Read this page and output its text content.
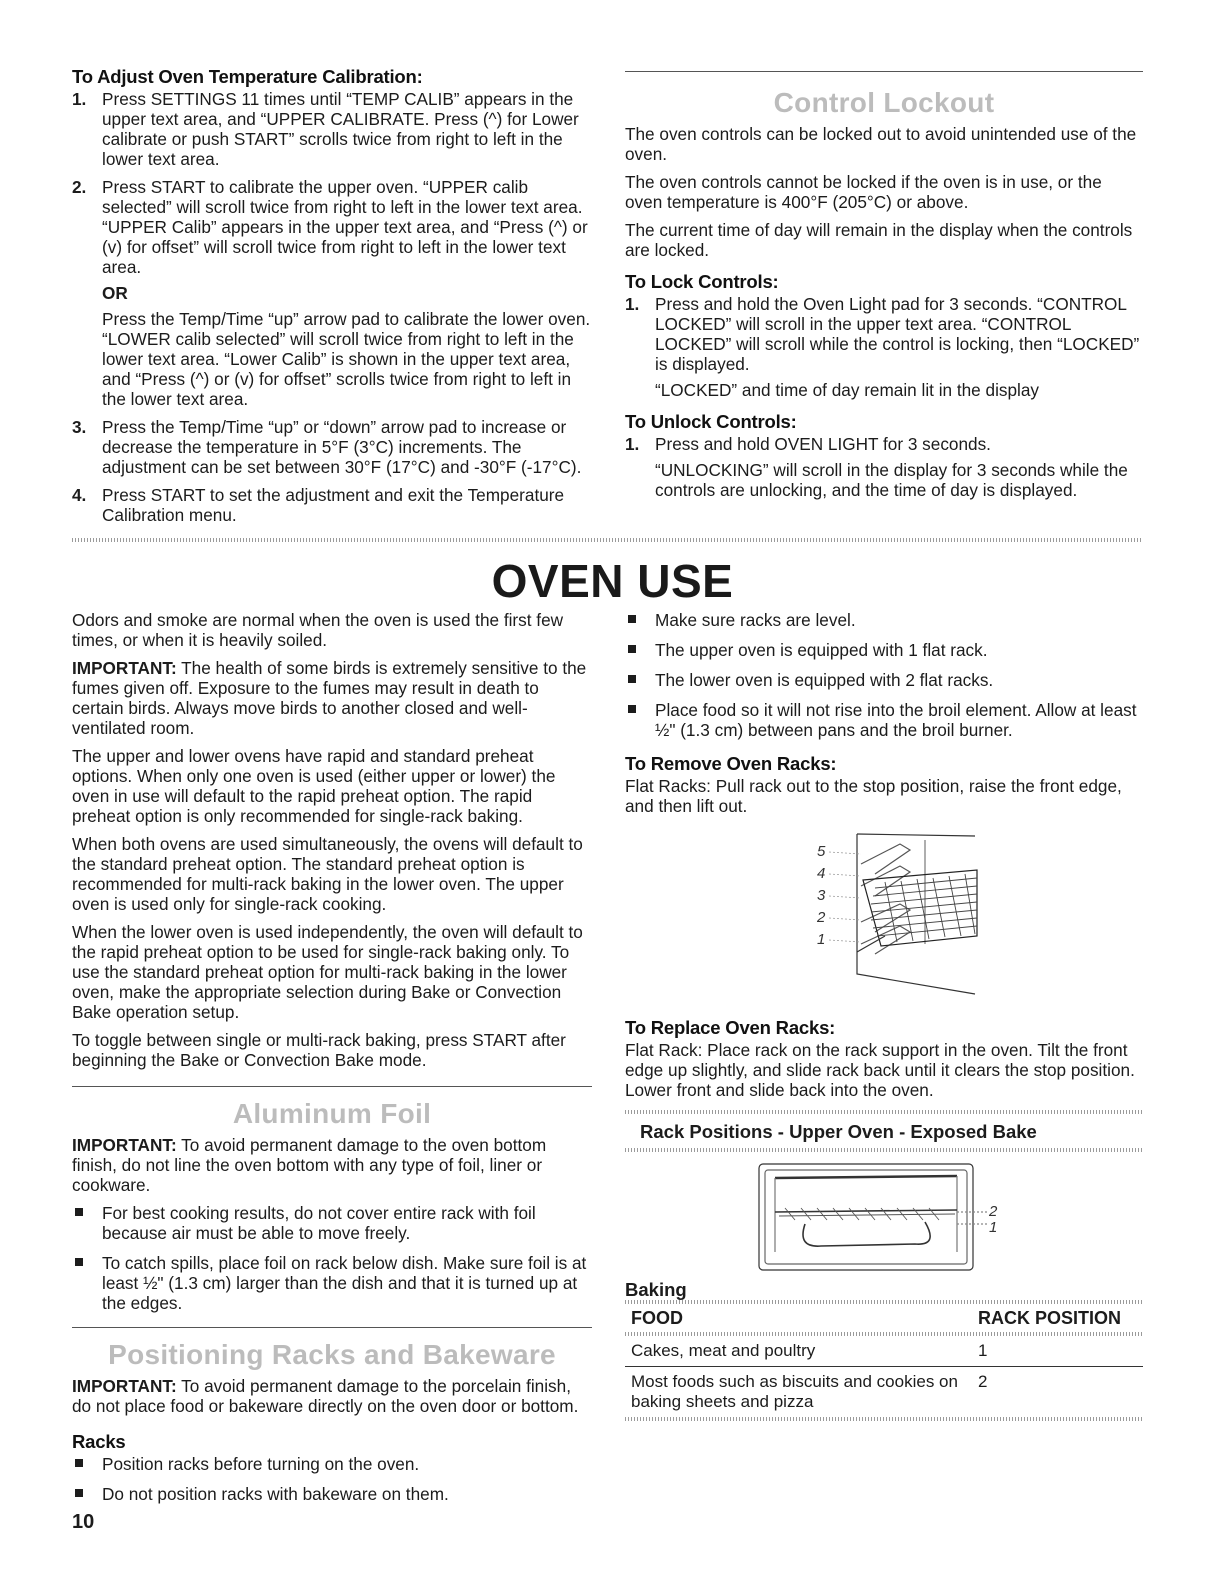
To Adjust Oven Temperature Calibration:
1. Press SETTINGS 11 times until “TEMP CALIB” appears in the upper text area, and “UPPER CALIBRATE. Press (^) for Lower calibrate or push START” scrolls twice from right to left in the lower text area.

2. Press START to calibrate the upper oven. “UPPER calib selected” will scroll twice from right to left in the lower text area. “UPPER Calib” appears in the upper text area, and “Press (^) or (v) for offset” will scroll twice from right to left in the lower text area.

OR

Press the Temp/Time “up” arrow pad to calibrate the lower oven. “LOWER calib selected” will scroll twice from right to left in the lower text area. “Lower Calib” is shown in the upper text area, and “Press (^) or (v) for offset” scrolls twice from right to left in the lower text area.

3. Press the Temp/Time “up” or “down” arrow pad to increase or decrease the temperature in 5°F (3°C) increments. The adjustment can be set between 30°F (17°C) and -30°F (-17°C).

4. Press START to set the adjustment and exit the Temperature Calibration menu.

Control Lockout

The oven controls can be locked out to avoid unintended use of the oven.

The oven controls cannot be locked if the oven is in use, or the oven temperature is 400°F (205°C) or above.

The current time of day will remain in the display when the controls are locked.

To Lock Controls:
1. Press and hold the Oven Light pad for 3 seconds. “CONTROL LOCKED” will scroll in the upper text area. “CONTROL LOCKED” will scroll while the control is locking, then “LOCKED” is displayed.

“LOCKED” and time of day remain lit in the display

To Unlock Controls:
1. Press and hold OVEN LIGHT for 3 seconds.

“UNLOCKING” will scroll in the display for 3 seconds while the controls are unlocking, and the time of day is displayed.

OVEN USE

Odors and smoke are normal when the oven is used the first few times, or when it is heavily soiled.

IMPORTANT: The health of some birds is extremely sensitive to the fumes given off. Exposure to the fumes may result in death to certain birds. Always move birds to another closed and well-ventilated room.

The upper and lower ovens have rapid and standard preheat options. When only one oven is used (either upper or lower) the oven in use will default to the rapid preheat option. The rapid preheat option is only recommended for single-rack baking.

When both ovens are used simultaneously, the ovens will default to the standard preheat option. The standard preheat option is recommended for multi-rack baking in the lower oven. The upper oven is used only for single-rack cooking.

When the lower oven is used independently, the oven will default to the rapid preheat option to be used for single-rack baking only. To use the standard preheat option for multi-rack baking in the lower oven, make the appropriate selection during Bake or Convection Bake operation setup.

To toggle between single or multi-rack baking, press START after beginning the Bake or Convection Bake mode.

Aluminum Foil

IMPORTANT: To avoid permanent damage to the oven bottom finish, do not line the oven bottom with any type of foil, liner or cookware.

For best cooking results, do not cover entire rack with foil because air must be able to move freely.
To catch spills, place foil on rack below dish. Make sure foil is at least ½" (1.3 cm) larger than the dish and that it is turned up at the edges.
Positioning Racks and Bakeware

IMPORTANT: To avoid permanent damage to the porcelain finish, do not place food or bakeware directly on the oven door or bottom.

Racks
Position racks before turning on the oven.
Do not position racks with bakeware on them.
Make sure racks are level.
The upper oven is equipped with 1 flat rack.
The lower oven is equipped with 2 flat racks.
Place food so it will not rise into the broil element. Allow at least ½" (1.3 cm) between pans and the broil burner.
To Remove Oven Racks:

Flat Racks: Pull rack out to the stop position, raise the front edge, and then lift out.

5
4
3
2
1
To Replace Oven Racks:

Flat Rack: Place rack on the rack support in the oven. Tilt the front edge up slightly, and slide rack back until it clears the stop position. Lower front and slide back into the oven.

Rack Positions - Upper Oven - Exposed Bake
2
1
Baking
FOOD	RACK POSITION

Cakes, meat and poultry	1
Most foods such as biscuits and cookies on baking sheets and pizza	2

10
